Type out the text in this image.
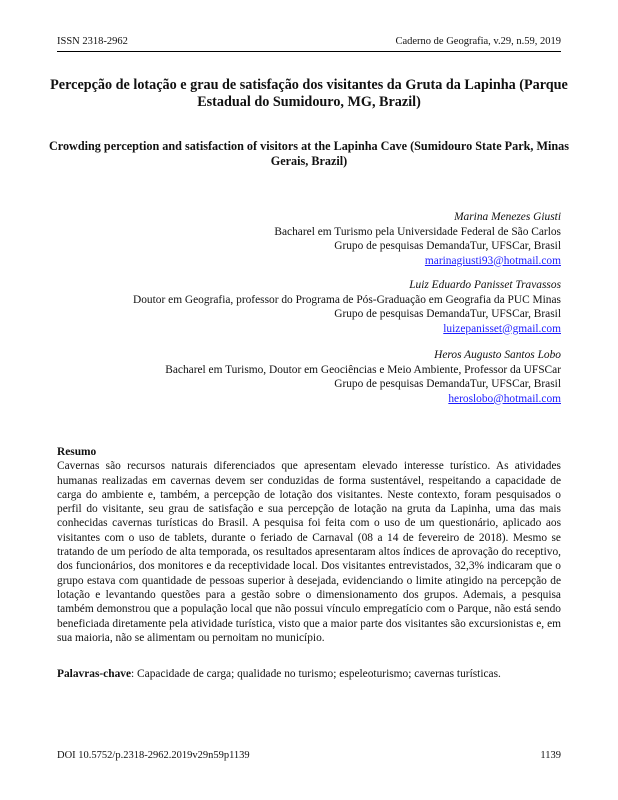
ISSN 2318-2962	Caderno de Geografia, v.29, n.59, 2019
Percepção de lotação e grau de satisfação dos visitantes da Gruta da Lapinha (Parque Estadual do Sumidouro, MG, Brazil)
Crowding perception and satisfaction of visitors at the Lapinha Cave (Sumidouro State Park, Minas Gerais, Brazil)
Marina Menezes Giusti
Bacharel em Turismo pela Universidade Federal de São Carlos
Grupo de pesquisas DemandaTur, UFSCar, Brasil
marinagiusti93@hotmail.com
Luiz Eduardo Panisset Travassos
Doutor em Geografia, professor do Programa de Pós-Graduação em Geografia da PUC Minas
Grupo de pesquisas DemandaTur, UFSCar, Brasil
luizepanisset@gmail.com
Heros Augusto Santos Lobo
Bacharel em Turismo, Doutor em Geociências e Meio Ambiente, Professor da UFSCar
Grupo de pesquisas DemandaTur, UFSCar, Brasil
heroslobo@hotmail.com
Resumo
Cavernas são recursos naturais diferenciados que apresentam elevado interesse turístico. As atividades humanas realizadas em cavernas devem ser conduzidas de forma sustentável, respeitando a capacidade de carga do ambiente e, também, a percepção de lotação dos visitantes. Neste contexto, foram pesquisados o perfil do visitante, seu grau de satisfação e sua percepção de lotação na gruta da Lapinha, uma das mais conhecidas cavernas turísticas do Brasil. A pesquisa foi feita com o uso de um questionário, aplicado aos visitantes com o uso de tablets, durante o feriado de Carnaval (08 a 14 de fevereiro de 2018). Mesmo se tratando de um período de alta temporada, os resultados apresentaram altos índices de aprovação do receptivo, dos funcionários, dos monitores e da receptividade local. Dos visitantes entrevistados, 32,3% indicaram que o grupo estava com quantidade de pessoas superior à desejada, evidenciando o limite atingido na percepção de lotação e levantando questões para a gestão sobre o dimensionamento dos grupos. Ademais, a pesquisa também demonstrou que a população local que não possui vínculo empregatício com o Parque, não está sendo beneficiada diretamente pela atividade turística, visto que a maior parte dos visitantes são excursionistas e, em sua maioria, não se alimentam ou pernoitam no município.
Palavras-chave: Capacidade de carga; qualidade no turismo; espeleoturismo; cavernas turísticas.
DOI 10.5752/p.2318-2962.2019v29n59p1139	1139
